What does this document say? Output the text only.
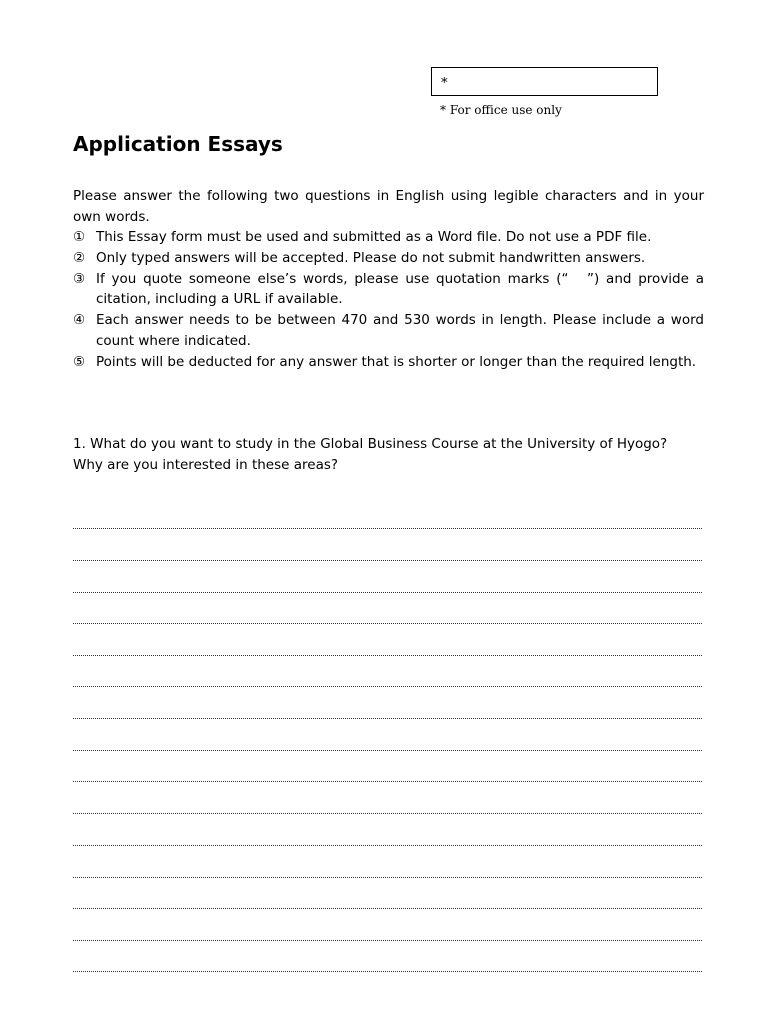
*
* For office use only
Application Essays

Please answer the following two questions in English using legible characters and in your own words.

① This Essay form must be used and submitted as a Word file. Do not use a PDF file.
② Only typed answers will be accepted. Please do not submit handwritten answers.
③ If you quote someone else’s words, please use quotation marks (“　”) and provide a citation, including a URL if available.
④ Each answer needs to be between 470 and 530 words in length. Please include a word count where indicated.
⑤ Points will be deducted for any answer that is shorter or longer than the required length.
1. What do you want to study in the Global Business Course at the University of Hyogo?
Why are you interested in these areas?
